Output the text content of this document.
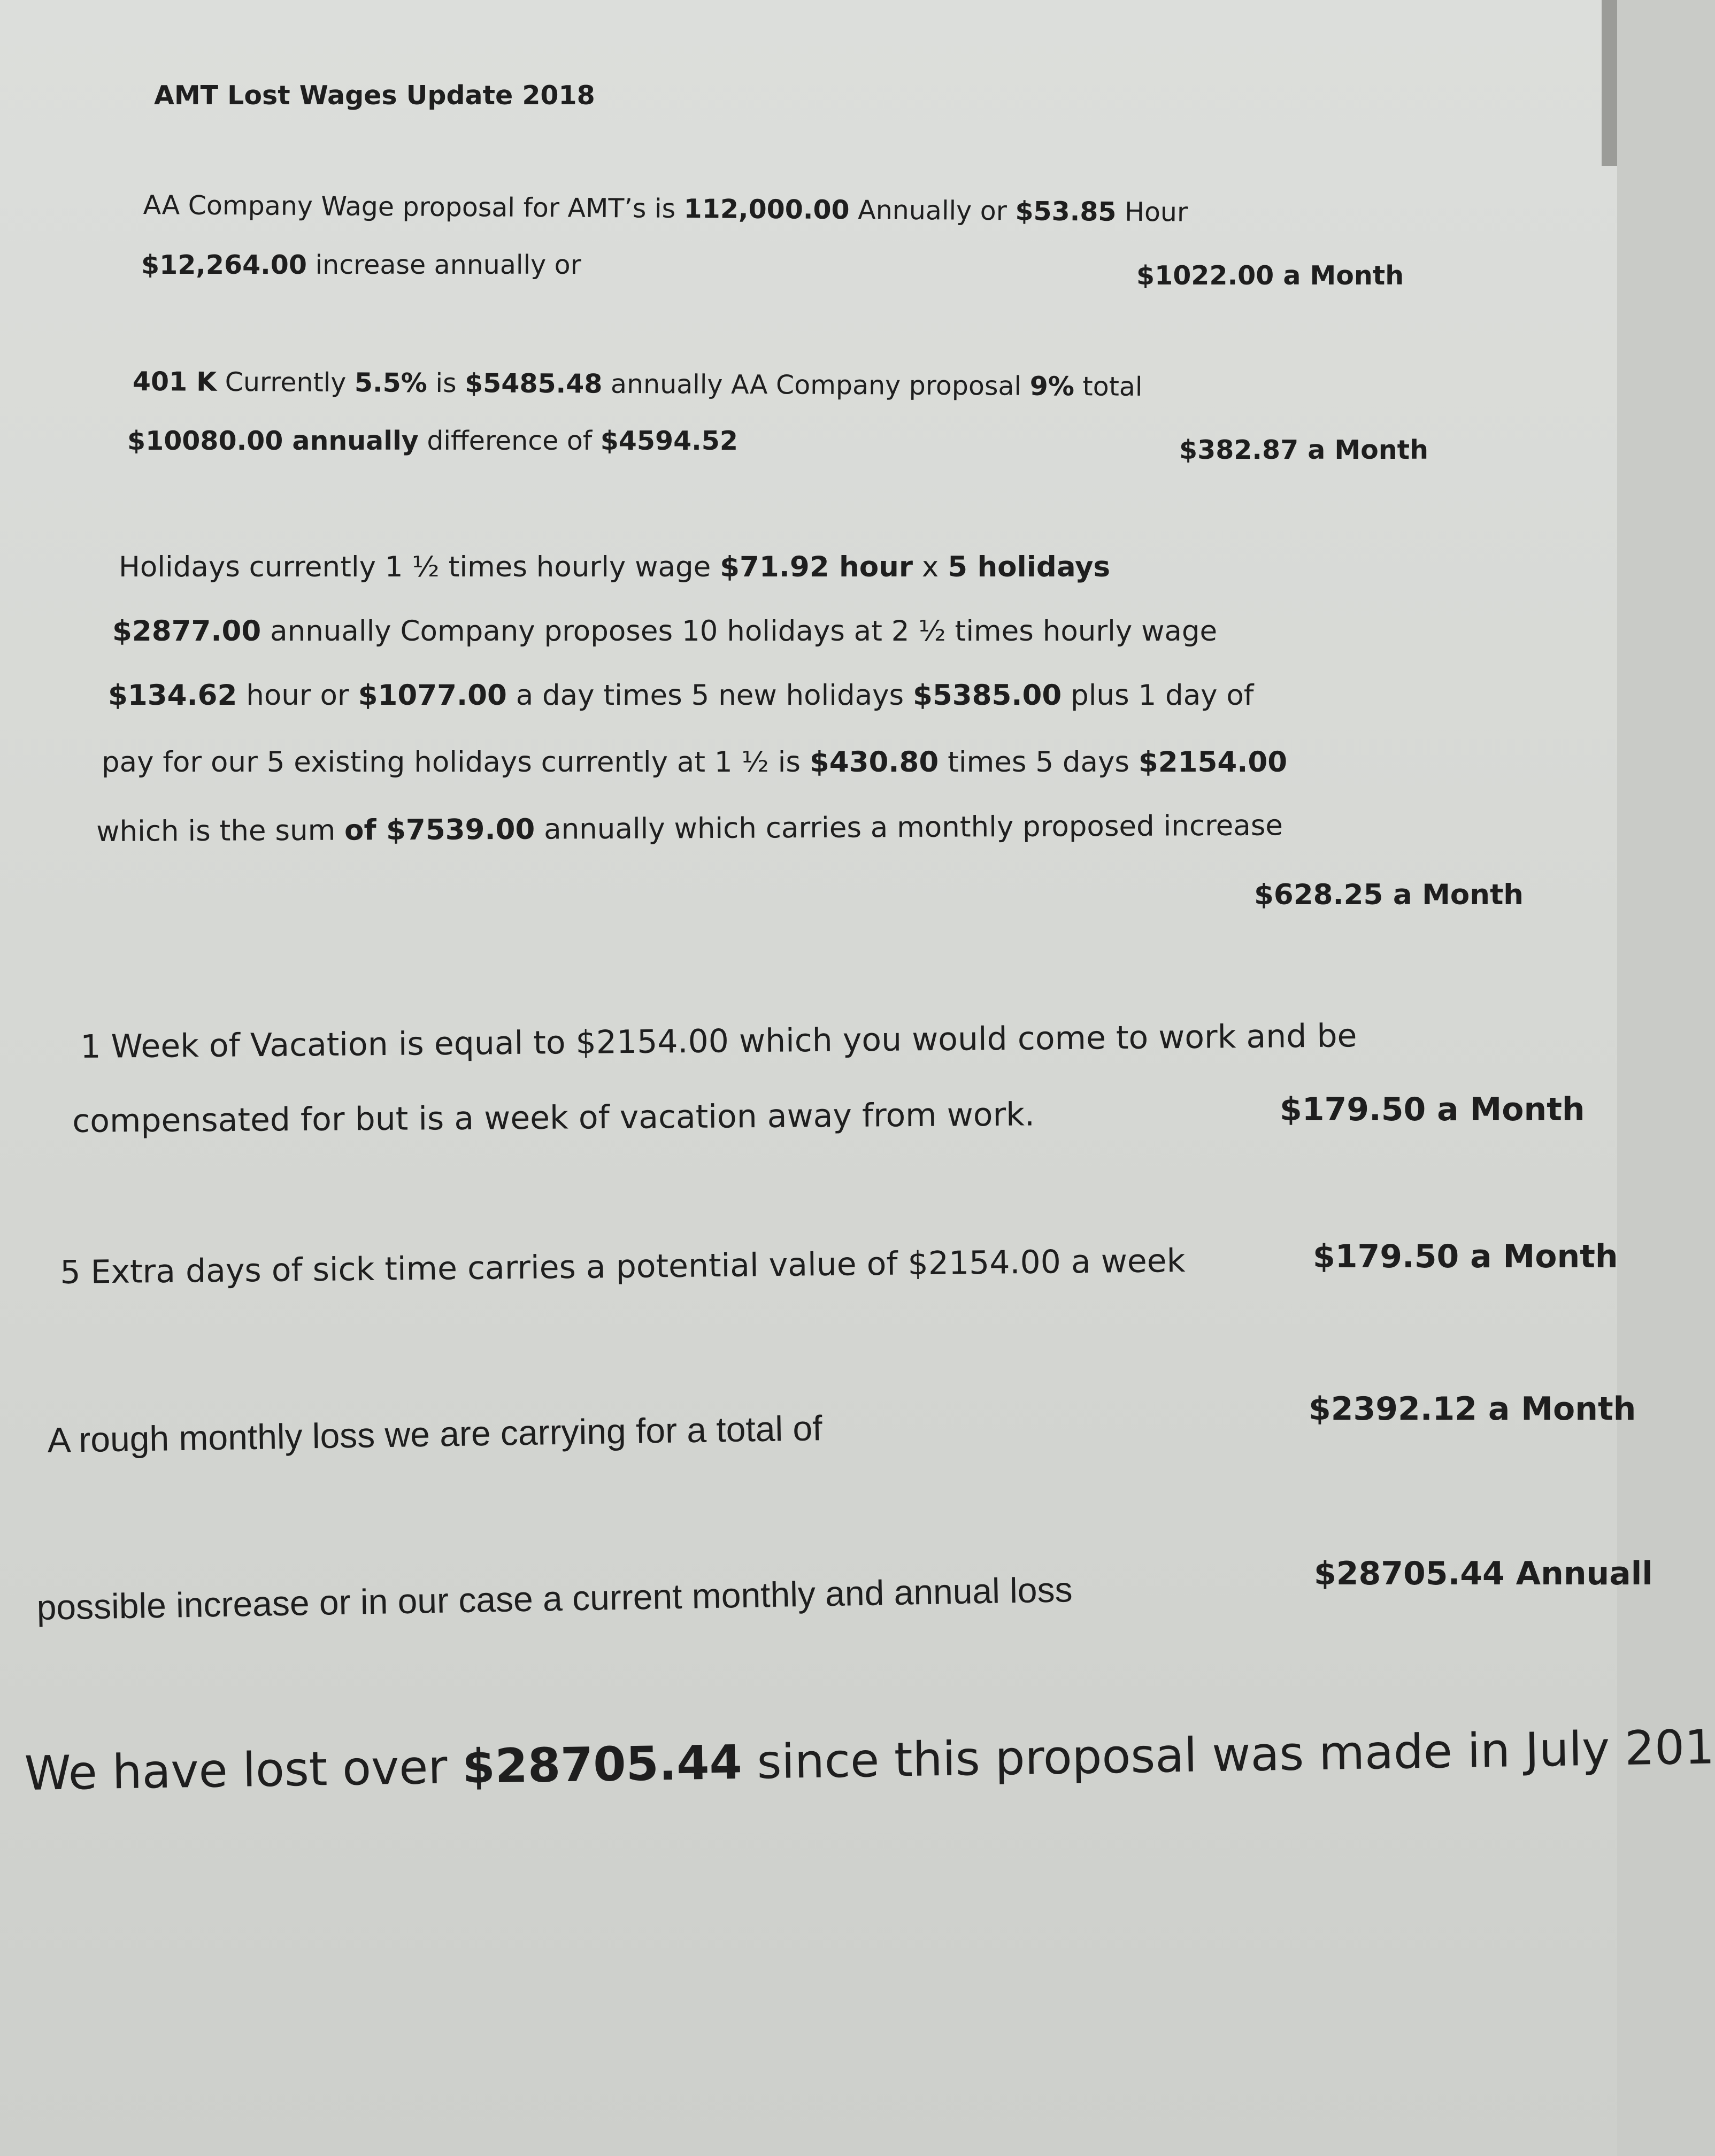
AMT Lost Wages Update 2018
AA Company Wage proposal for AMT’s is 112,000.00 Annually or $53.85 Hour
$12,264.00 increase annually or	$1022.00 a Month
401 K Currently 5.5% is $5485.48 annually AA Company proposal 9% total
$10080.00 annually difference of $4594.52	$382.87 a Month
Holidays currently 1 ½ times hourly wage $71.92 hour x 5 holidays
$2877.00 annually Company proposes 10 holidays at 2 ½ times hourly wage
$134.62 hour or $1077.00 a day times 5 new holidays $5385.00 plus 1 day of
pay for our 5 existing holidays currently at 1 ½ is $430.80 times 5 days $2154.00
which is the sum of $7539.00 annually which carries a monthly proposed increase
$628.25 a Month
1 Week of Vacation is equal to $2154.00 which you would come to work and be
compensated for but is a week of vacation away from work.	$179.50 a Month
5 Extra days of sick time carries a potential value of $2154.00 a week	$179.50 a Month
A rough monthly loss we are carrying for a total of	$2392.12 a Month
possible increase or in our case a current monthly and annual loss	$28705.44 Annuall
We have lost over $28705.44 since this proposal was made in July 201
